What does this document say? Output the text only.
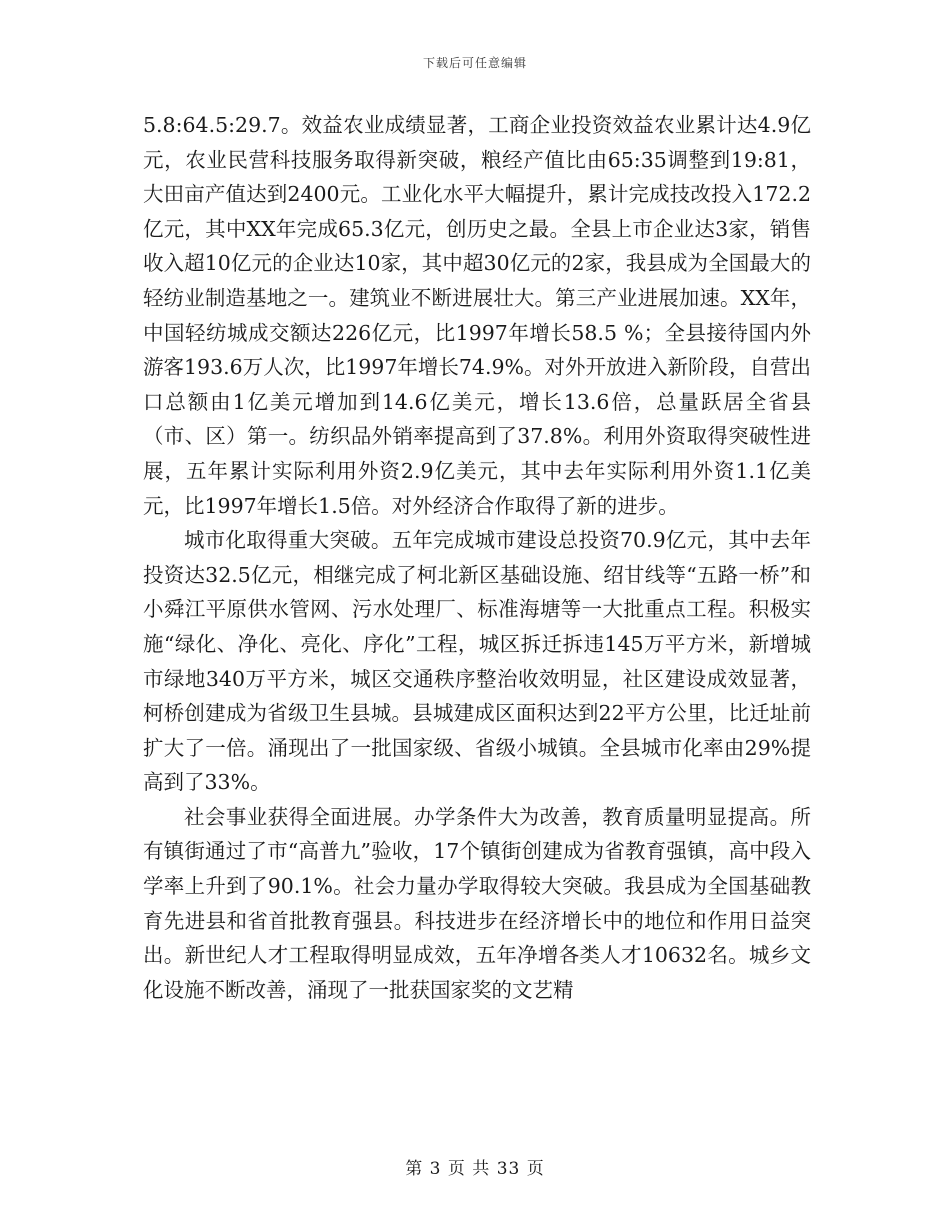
下载后可任意编辑

5.8:64.5:29.7。效益农业成绩显著，工商企业投资效益农业累计达4.9亿元，农业民营科技服务取得新突破，粮经产值比由65:35调整到19:81，大田亩产值达到2400元。工业化水平大幅提升，累计完成技改投入172.2亿元，其中XX年完成65.3亿元，创历史之最。全县上市企业达3家，销售收入超10亿元的企业达10家，其中超30亿元的2家，我县成为全国最大的轻纺业制造基地之一。建筑业不断进展壮大。第三产业进展加速。XX年，中国轻纺城成交额达226亿元，比1997年增长58.5 %；全县接待国内外游客193.6万人次，比1997年增长74.9%。对外开放进入新阶段，自营出口总额由1亿美元增加到14.6亿美元，增长13.6倍，总量跃居全省县（市、区）第一。纺织品外销率提高到了37.8%。利用外资取得突破性进展，五年累计实际利用外资2.9亿美元，其中去年实际利用外资1.1亿美元，比1997年增长1.5倍。对外经济合作取得了新的进步。

城市化取得重大突破。五年完成城市建设总投资70.9亿元，其中去年投资达32.5亿元，相继完成了柯北新区基础设施、绍甘线等“五路一桥”和小舜江平原供水管网、污水处理厂、标准海塘等一大批重点工程。积极实施“绿化、净化、亮化、序化”工程，城区拆迁拆违145万平方米，新增城市绿地340万平方米，城区交通秩序整治收效明显，社区建设成效显著，柯桥创建成为省级卫生县城。县城建成区面积达到22平方公里，比迁址前扩大了一倍。涌现出了一批国家级、省级小城镇。全县城市化率由29%提高到了33%。

社会事业获得全面进展。办学条件大为改善，教育质量明显提高。所有镇街通过了市“高普九”验收，17个镇街创建成为省教育强镇，高中段入学率上升到了90.1%。社会力量办学取得较大突破。我县成为全国基础教育先进县和省首批教育强县。科技进步在经济增长中的地位和作用日益突出。新世纪人才工程取得明显成效，五年净增各类人才10632名。城乡文化设施不断改善，涌现了一批获国家奖的文艺精

第 3 页 共 33 页
